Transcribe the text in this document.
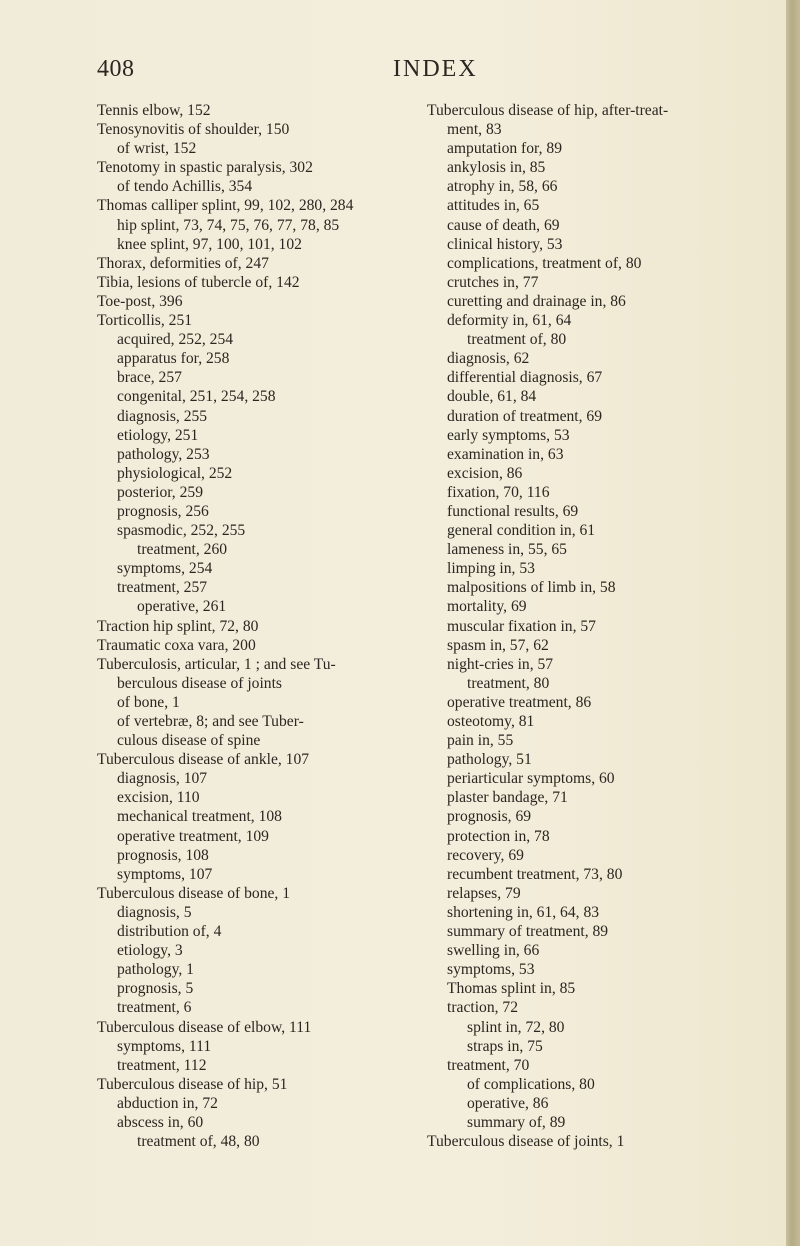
408	INDEX
Tennis elbow, 152
Tenosynovitis of shoulder, 150
of wrist, 152
Tenotomy in spastic paralysis, 302
of tendo Achillis, 354
Thomas calliper splint, 99, 102, 280, 284
hip splint, 73, 74, 75, 76, 77, 78, 85
knee splint, 97, 100, 101, 102
Thorax, deformities of, 247
Tibia, lesions of tubercle of, 142
Toe-post, 396
Torticollis, 251
acquired, 252, 254
apparatus for, 258
brace, 257
congenital, 251, 254, 258
diagnosis, 255
etiology, 251
pathology, 253
physiological, 252
posterior, 259
prognosis, 256
spasmodic, 252, 255
treatment, 260
symptoms, 254
treatment, 257
operative, 261
Traction hip splint, 72, 80
Traumatic coxa vara, 200
Tuberculosis, articular, 1 ; and see Tu-
berculous disease of joints
of bone, 1
of vertebræ, 8; and see Tuber-
culous disease of spine
Tuberculous disease of ankle, 107
diagnosis, 107
excision, 110
mechanical treatment, 108
operative treatment, 109
prognosis, 108
symptoms, 107
Tuberculous disease of bone, 1
diagnosis, 5
distribution of, 4
etiology, 3
pathology, 1
prognosis, 5
treatment, 6
Tuberculous disease of elbow, 111
symptoms, 111
treatment, 112
Tuberculous disease of hip, 51
abduction in, 72
abscess in, 60
treatment of, 48, 80
Tuberculous disease of hip, after-treat-
ment, 83
amputation for, 89
ankylosis in, 85
atrophy in, 58, 66
attitudes in, 65
cause of death, 69
clinical history, 53
complications, treatment of, 80
crutches in, 77
curetting and drainage in, 86
deformity in, 61, 64
treatment of, 80
diagnosis, 62
differential diagnosis, 67
double, 61, 84
duration of treatment, 69
early symptoms, 53
examination in, 63
excision, 86
fixation, 70, 116
functional results, 69
general condition in, 61
lameness in, 55, 65
limping in, 53
malpositions of limb in, 58
mortality, 69
muscular fixation in, 57
spasm in, 57, 62
night-cries in, 57
treatment, 80
operative treatment, 86
osteotomy, 81
pain in, 55
pathology, 51
periarticular symptoms, 60
plaster bandage, 71
prognosis, 69
protection in, 78
recovery, 69
recumbent treatment, 73, 80
relapses, 79
shortening in, 61, 64, 83
summary of treatment, 89
swelling in, 66
symptoms, 53
Thomas splint in, 85
traction, 72
splint in, 72, 80
straps in, 75
treatment, 70
of complications, 80
operative, 86
summary of, 89
Tuberculous disease of joints, 1
